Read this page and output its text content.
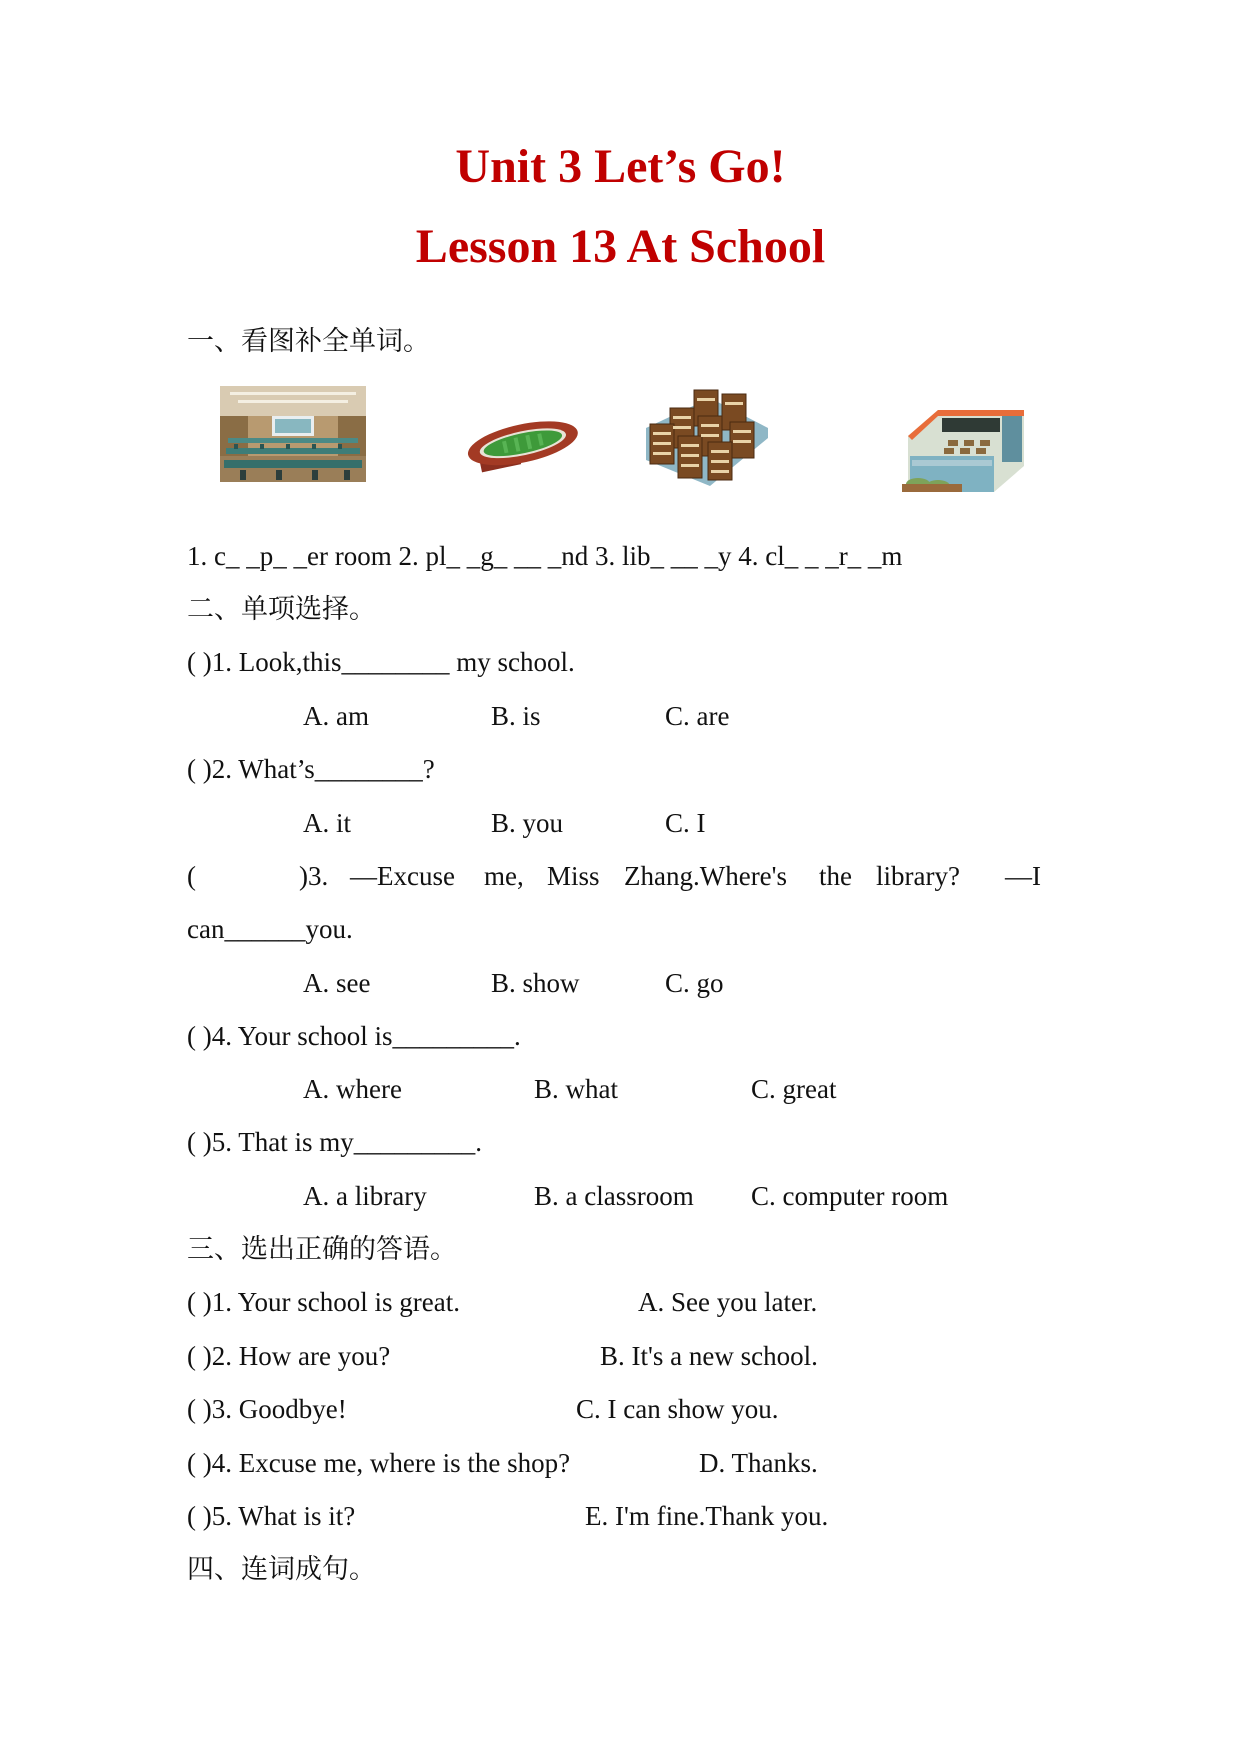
Unit 3 Let’s Go!
Lesson 13 At School
一、看图补全单词。
1. c_ _p_ _er room 2. pl_ _g_ __ _nd 3. lib_ __ _y 4. cl_ _ _r_ _m
二、单项选择。
( )1. Look,this________ my school.
A. am	B. is	C. are
( )2. What’s________?
A. it	B. you	C. I
(	)3. —Excuse me, Miss Zhang.Where's the library? —I
can______you.
A. see	B. show	C. go
( )4. Your school is_________.
A. where	B. what	C. great
( )5. That is my_________.
A. a library	B. a classroom C. computer room
三、选出正确的答语。
( )1. Your school is great.	A. See you later.
( )2. How are you?	B. It's a new school.
( )3. Goodbye!	C. I can show you.
( )4. Excuse me, where is the shop?	D. Thanks.
( )5. What is it?	E. I'm fine.Thank you.
四、连词成句。
